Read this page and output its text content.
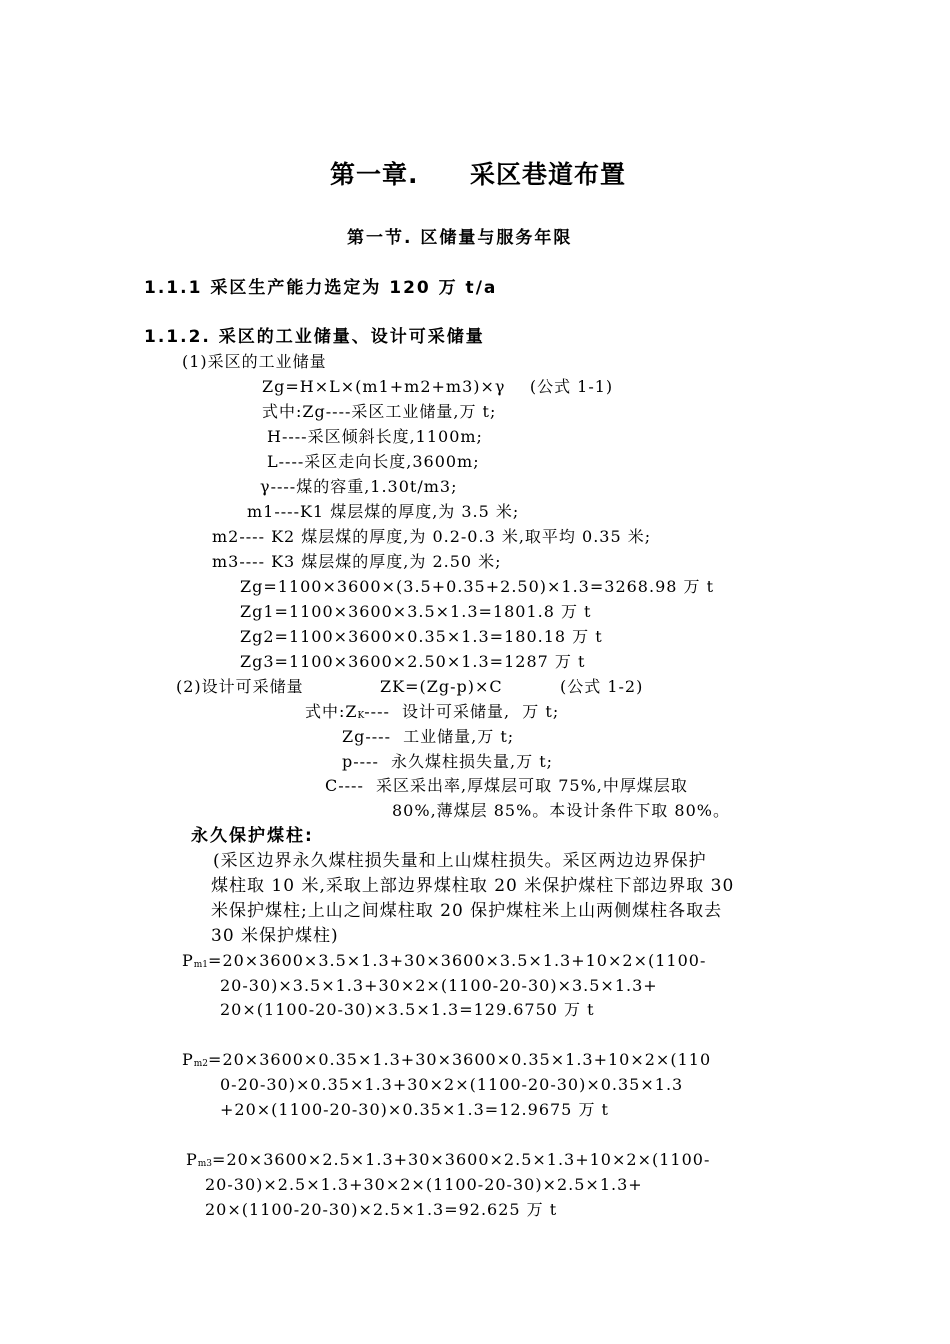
第一章. 采区巷道布置
第一节. 区储量与服务年限
1.1.1 采区生产能力选定为 120 万 t/a
1.1.2. 采区的工业储量、设计可采储量
(1)采区的工业储量
Zg=H×L×(m1+m2+m3)×γ    (公式 1-1)
式中:Zg----采区工业储量,万 t;
H----采区倾斜长度,1100m;
L----采区走向长度,3600m;
γ----煤的容重,1.30t/m3;
m1----K1 煤层煤的厚度,为 3.5 米;
m2---- K2 煤层煤的厚度,为 0.2-0.3 米,取平均 0.35 米;
m3---- K3 煤层煤的厚度,为 2.50 米;
Zg=1100×3600×(3.5+0.35+2.50)×1.3=3268.98 万 t
Zg1=1100×3600×3.5×1.3=1801.8 万 t
Zg2=1100×3600×0.35×1.3=180.18 万 t
Zg3=1100×3600×2.50×1.3=1287 万 t
(2)设计可采储量	ZK=(Zg-p)×C	(公式 1-2)
式中:ZK----  设计可采储量,  万 t;
Zg----  工业储量,万 t;
p----  永久煤柱损失量,万 t;
C----  采区采出率,厚煤层可取 75%,中厚煤层取
80%,薄煤层 85%。本设计条件下取 80%。
永久保护煤柱:
(采区边界永久煤柱损失量和上山煤柱损失。采区两边边界保护
煤柱取 10 米,采取上部边界煤柱取 20 米保护煤柱下部边界取 30
米保护煤柱;上山之间煤柱取 20 保护煤柱米上山两侧煤柱各取去
30 米保护煤柱)
Pm1=20×3600×3.5×1.3+30×3600×3.5×1.3+10×2×(1100-
20-30)×3.5×1.3+30×2×(1100-20-30)×3.5×1.3+
20×(1100-20-30)×3.5×1.3=129.6750 万 t
Pm2=20×3600×0.35×1.3+30×3600×0.35×1.3+10×2×(110
0-20-30)×0.35×1.3+30×2×(1100-20-30)×0.35×1.3
+20×(1100-20-30)×0.35×1.3=12.9675 万 t
Pm3=20×3600×2.5×1.3+30×3600×2.5×1.3+10×2×(1100-
20-30)×2.5×1.3+30×2×(1100-20-30)×2.5×1.3+
20×(1100-20-30)×2.5×1.3=92.625 万 t
